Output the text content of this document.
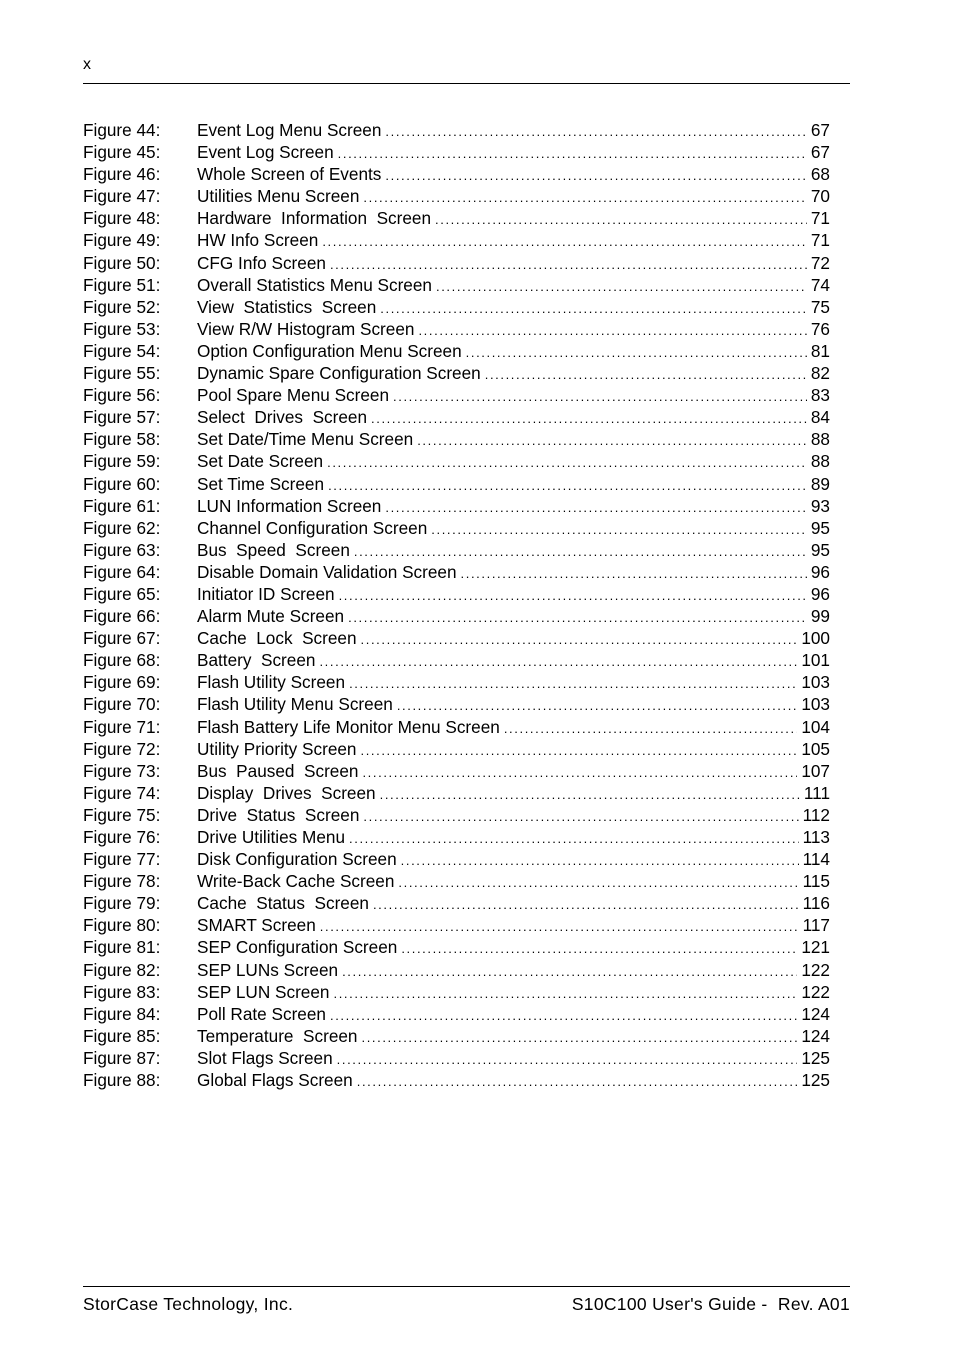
x
Figure 44:	Event Log Menu Screen .....	67
Figure 45:	Event Log Screen .....	67
Figure 46:	Whole Screen of Events .....	68
Figure 47:	Utilities Menu Screen .....	70
Figure 48:	Hardware  Information  Screen .....	71
Figure 49:	HW Info Screen .....	71
Figure 50:	CFG Info Screen .....	72
Figure 51:	Overall Statistics Menu Screen .....	74
Figure 52:	View  Statistics  Screen .....	75
Figure 53:	View R/W Histogram Screen .....	76
Figure 54:	Option Configuration Menu Screen .....	81
Figure 55:	Dynamic Spare Configuration Screen .....	82
Figure 56:	Pool Spare Menu Screen .....	83
Figure 57:	Select  Drives  Screen .....	84
Figure 58:	Set Date/Time Menu Screen .....	88
Figure 59:	Set Date Screen .....	88
Figure 60:	Set Time Screen .....	89
Figure 61:	LUN Information Screen .....	93
Figure 62:	Channel Configuration Screen .....	95
Figure 63:	Bus  Speed  Screen .....	95
Figure 64:	Disable Domain Validation Screen .....	96
Figure 65:	Initiator ID Screen .....	96
Figure 66:	Alarm Mute Screen .....	99
Figure 67:	Cache  Lock  Screen .....	100
Figure 68:	Battery  Screen .....	101
Figure 69:	Flash Utility Screen .....	103
Figure 70:	Flash Utility Menu Screen .....	103
Figure 71:	Flash Battery Life Monitor Menu Screen .....	104
Figure 72:	Utility Priority Screen .....	105
Figure 73:	Bus  Paused  Screen .....	107
Figure 74:	Display  Drives  Screen .....	111
Figure 75:	Drive  Status  Screen .....	112
Figure 76:	Drive Utilities Menu .....	113
Figure 77:	Disk Configuration Screen .....	114
Figure 78:	Write-Back Cache Screen .....	115
Figure 79:	Cache  Status  Screen .....	116
Figure 80:	SMART Screen .....	117
Figure 81:	SEP Configuration Screen .....	121
Figure 82:	SEP LUNs Screen .....	122
Figure 83:	SEP LUN Screen .....	122
Figure 84:	Poll Rate Screen .....	124
Figure 85:	Temperature  Screen .....	124
Figure 87:	Slot Flags Screen .....	125
Figure 88:	Global Flags Screen .....	125
StorCase Technology, Inc.	S10C100 User's Guide -  Rev. A01
